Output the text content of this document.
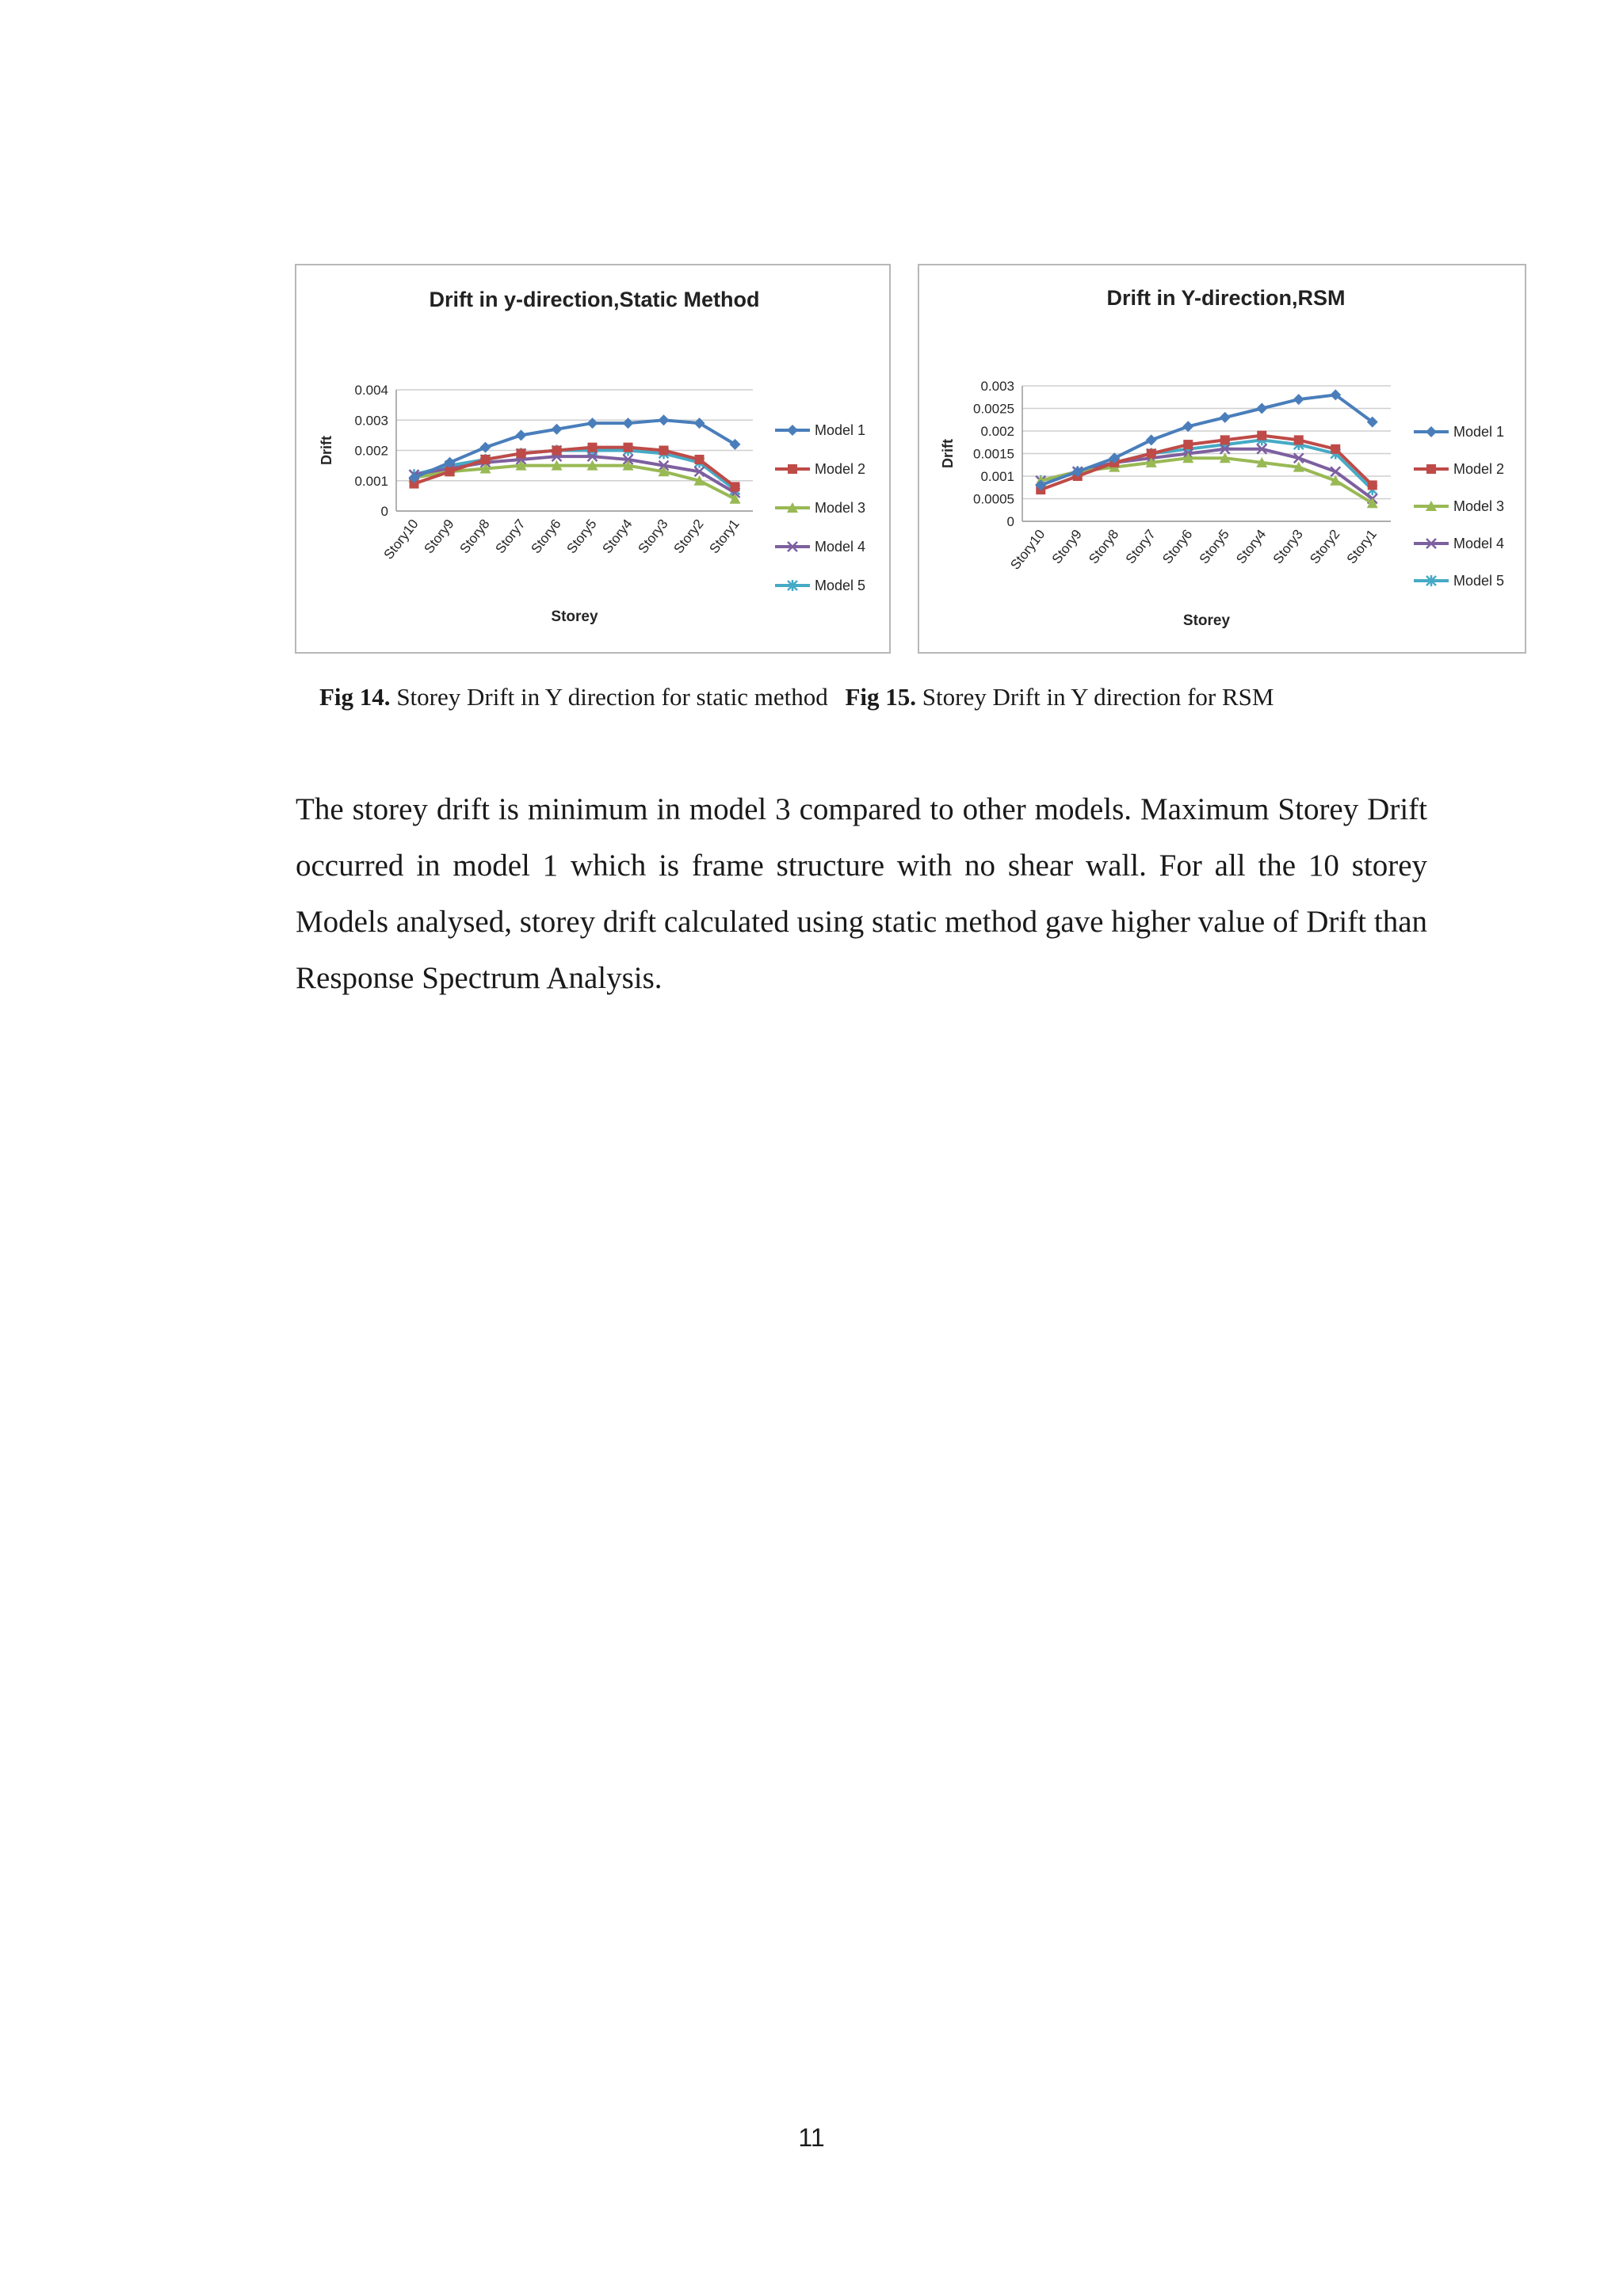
Drift in y-direction,Static Method
0
0.001
0.002
0.003
0.004
Story10 Story9 Story8 Story7 Story6 Story5 Story4 Story3 Story2 Story1
Drift
Storey
Model 1
Model 2
Model 3
Model 4
Model 5
Drift in Y-direction,RSM
0
0.0005
0.001
0.0015
0.002
0.0025
0.003
Story10 Story9 Story8 Story7 Story6 Story5 Story4 Story3 Story2 Story1
Drift
Storey
Model 1
Model 2
Model 3
Model 4
Model 5
Fig 14. Storey Drift in Y direction for static method Fig 15. Storey Drift in Y direction for RSM

The storey drift is minimum in model 3 compared to other models. Maximum Storey Drift occurred in model 1 which is frame structure with no shear wall. For all the 10 storey Models analysed, storey drift calculated using static method gave higher value of Drift than Response Spectrum Analysis.

11
